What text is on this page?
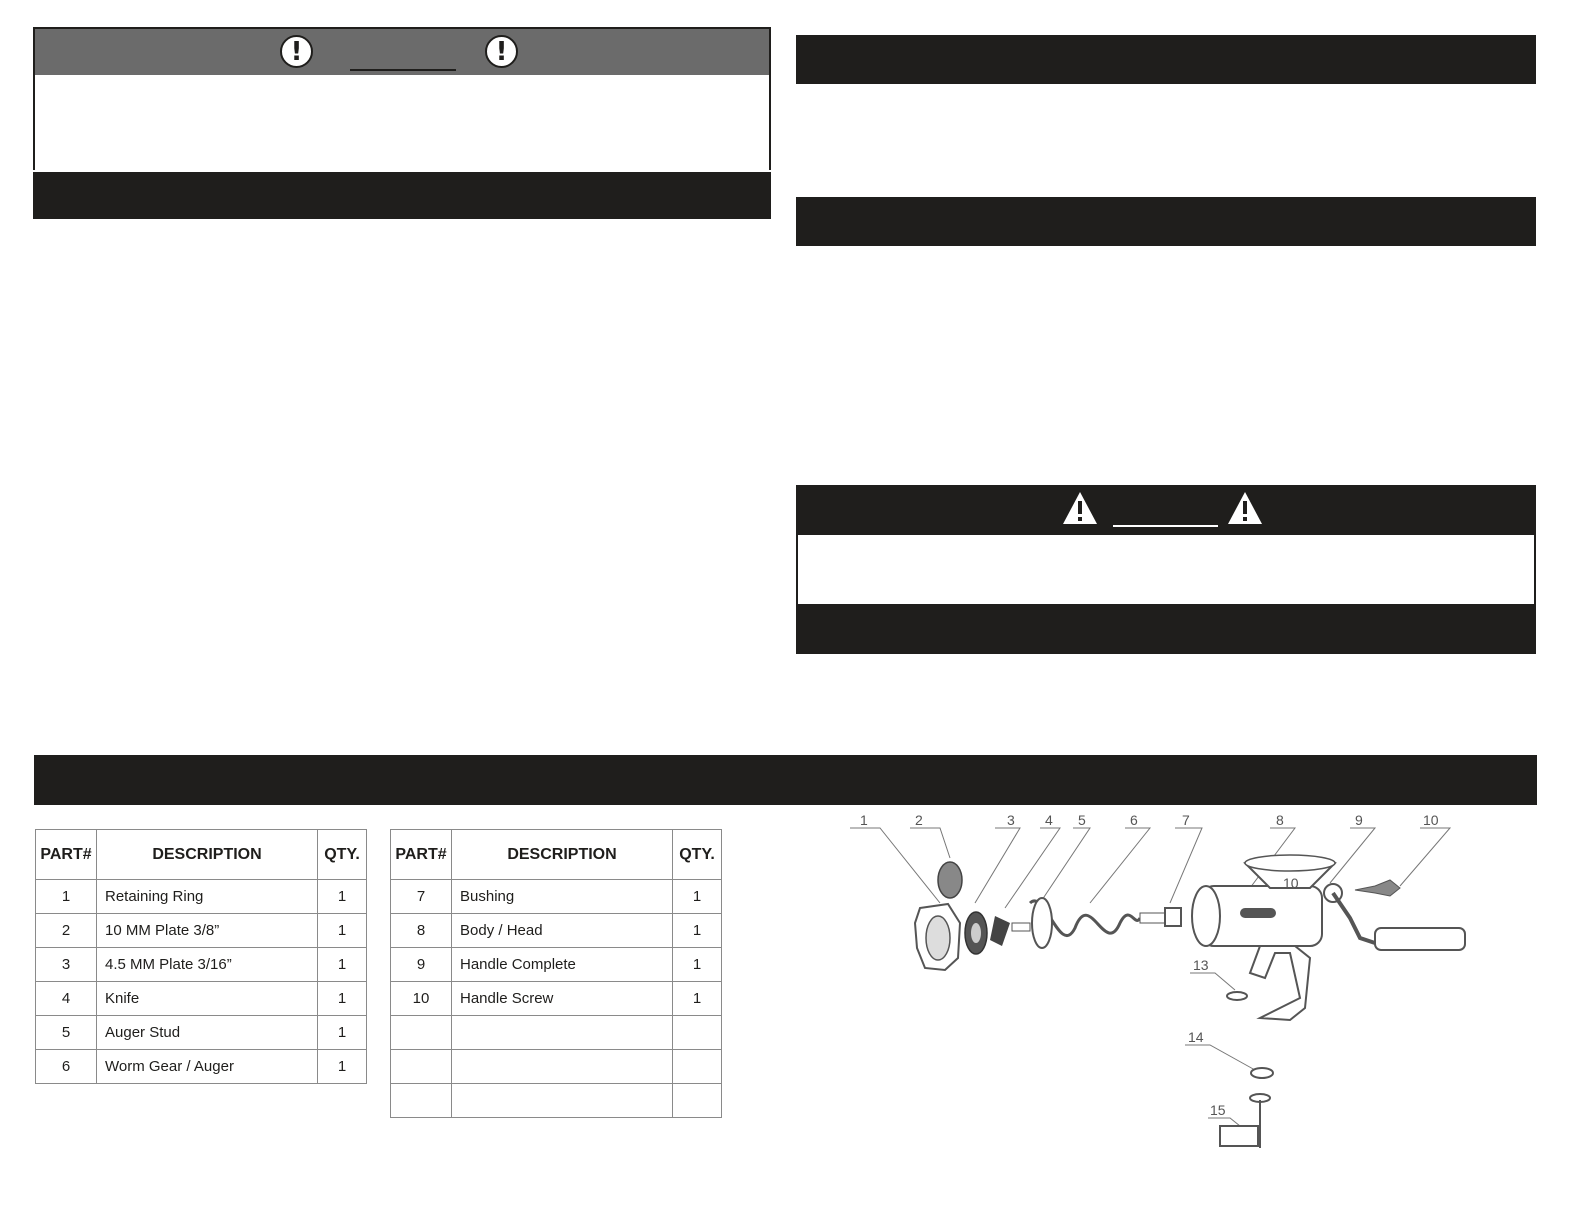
!	!
PART#	DESCRIPTION	QTY.
1	Retaining Ring	1
2	10 MM Plate 3/8”	1
3	4.5 MM Plate 3/16”	1
4	Knife	1
5	Auger Stud	1
6	Worm Gear / Auger	1
PART#	DESCRIPTION	QTY.
7	Bushing	1
8	Body / Head	1
9	Handle Complete	1
10	Handle Screw	1

10
1	2	3 4 5	6	7	8	9	10
13
14
15
